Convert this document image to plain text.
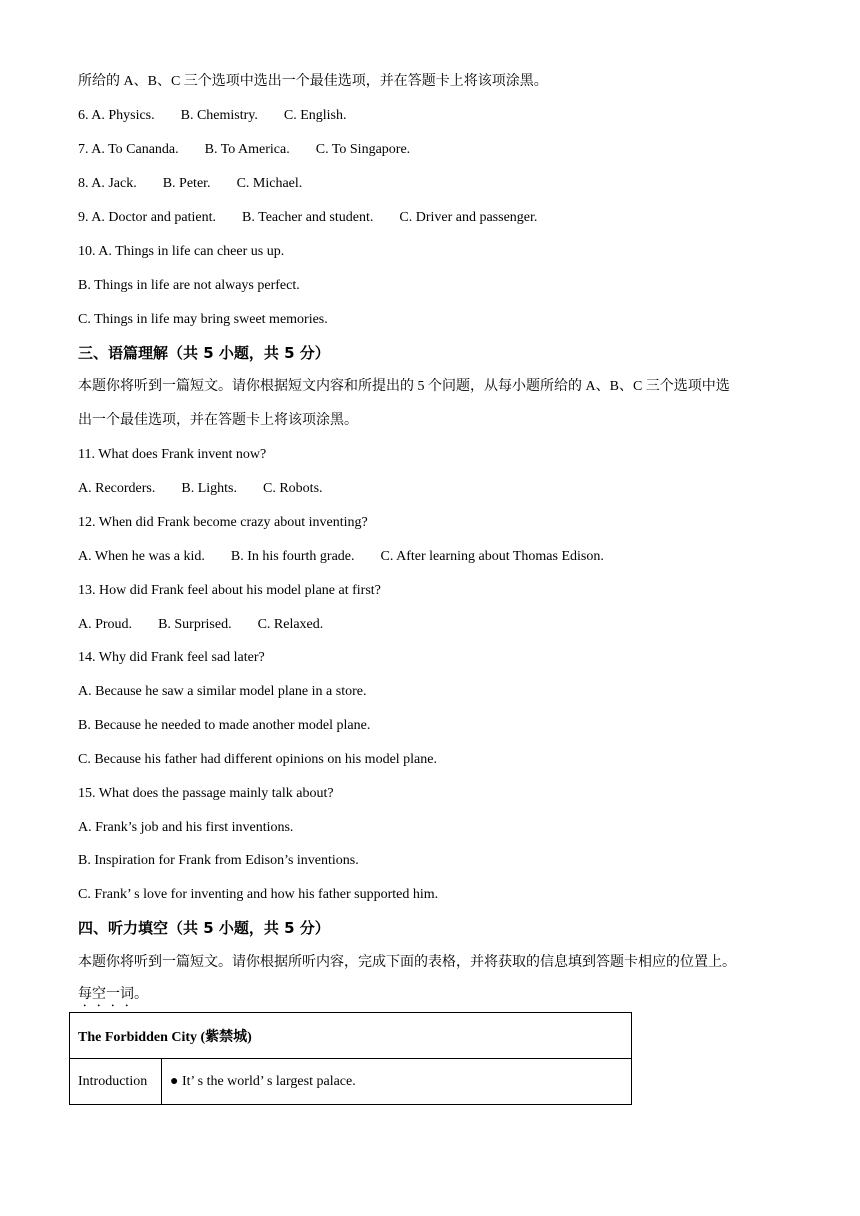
所给的 A、B、C 三个选项中选出一个最佳选项，并在答题卡上将该项涂黑。
6. A. Physics. B. Chemistry. C. English.
7. A. To Cananda. B. To America. C. To Singapore.
8. A. Jack. B. Peter. C. Michael.
9. A. Doctor and patient. B. Teacher and student. C. Driver and passenger.
10. A. Things in life can cheer us up.
B. Things in life are not always perfect.
C. Things in life may bring sweet memories.
三、语篇理解（共 5 小题，共 5 分）
本题你将听到一篇短文。请你根据短文内容和所提出的 5 个问题，从每小题所给的 A、B、C 三个选项中选
出一个最佳选项，并在答题卡上将该项涂黑。
11. What does Frank invent now?
A. Recorders. B. Lights. C. Robots.
12. When did Frank become crazy about inventing?
A. When he was a kid. B. In his fourth grade. C. After learning about Thomas Edison.
13. How did Frank feel about his model plane at first?
A. Proud. B. Surprised. C. Relaxed.
14. Why did Frank feel sad later?
A. Because he saw a similar model plane in a store.
B. Because he needed to made another model plane.
C. Because his father had different opinions on his model plane.
15. What does the passage mainly talk about?
A. Frank’s job and his first inventions.
B. Inspiration for Frank from Edison’s inventions.
C. Frank’ s love for inventing and how his father supported him.
四、听力填空（共 5 小题，共 5 分）
本题你将听到一篇短文。请你根据所听内容，完成下面的表格，并将获取的信息填到答题卡相应的位置上。
每空一词。
The Forbidden City (紫禁城)
Introduction	● It’ s the world’ s largest palace.
